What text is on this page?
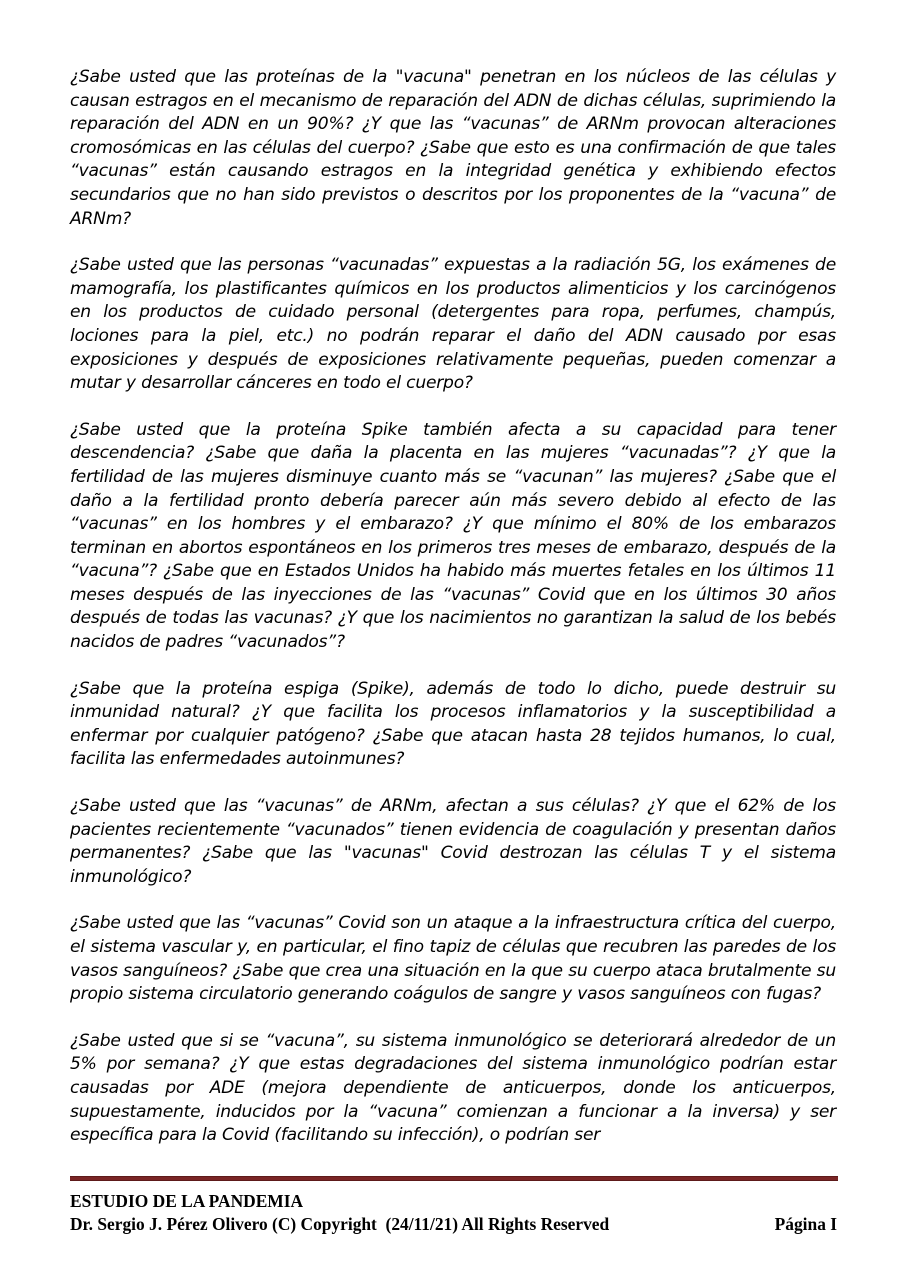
¿Sabe usted que las proteínas de la "vacuna" penetran en los núcleos de las células y causan estragos en el mecanismo de reparación del ADN de dichas células, suprimiendo la reparación del ADN en un 90%? ¿Y que las “vacunas” de ARNm provocan alteraciones cromosómicas en las células del cuerpo? ¿Sabe que esto es una confirmación de que tales “vacunas” están causando estragos en la integridad genética y exhibiendo efectos secundarios que no han sido previstos o descritos por los proponentes de la “vacuna” de ARNm?

¿Sabe usted que las personas “vacunadas” expuestas a la radiación 5G, los exámenes de mamografía, los plastificantes químicos en los productos alimenticios y los carcinógenos en los productos de cuidado personal (detergentes para ropa, perfumes, champús, lociones para la piel, etc.) no podrán reparar el daño del ADN causado por esas exposiciones y después de exposiciones relativamente pequeñas, pueden comenzar a mutar y desarrollar cánceres en todo el cuerpo?

¿Sabe usted que la proteína Spike también afecta a su capacidad para tener descendencia? ¿Sabe que daña la placenta en las mujeres “vacunadas”? ¿Y que la fertilidad de las mujeres disminuye cuanto más se “vacunan” las mujeres? ¿Sabe que el daño a la fertilidad pronto debería parecer aún más severo debido al efecto de las “vacunas” en los hombres y el embarazo? ¿Y que mínimo el 80% de los embarazos terminan en abortos espontáneos en los primeros tres meses de embarazo, después de la “vacuna”? ¿Sabe que en Estados Unidos ha habido más muertes fetales en los últimos 11 meses después de las inyecciones de las “vacunas” Covid que en los últimos 30 años después de todas las vacunas? ¿Y que los nacimientos no garantizan la salud de los bebés nacidos de padres “vacunados”?

¿Sabe que la proteína espiga (Spike), además de todo lo dicho, puede destruir su inmunidad natural? ¿Y que facilita los procesos inflamatorios y la susceptibilidad a enfermar por cualquier patógeno? ¿Sabe que atacan hasta 28 tejidos humanos, lo cual, facilita las enfermedades autoinmunes?

¿Sabe usted que las “vacunas” de ARNm, afectan a sus células? ¿Y que el 62% de los pacientes recientemente “vacunados” tienen evidencia de coagulación y presentan daños permanentes? ¿Sabe que las "vacunas" Covid destrozan las células T y el sistema inmunológico?

¿Sabe usted que las “vacunas” Covid son un ataque a la infraestructura crítica del cuerpo, el sistema vascular y, en particular, el fino tapiz de células que recubren las paredes de los vasos sanguíneos? ¿Sabe que crea una situación en la que su cuerpo ataca brutalmente su propio sistema circulatorio generando coágulos de sangre y vasos sanguíneos con fugas?

¿Sabe usted que si se “vacuna”, su sistema inmunológico se deteriorará alrededor de un 5% por semana? ¿Y que estas degradaciones del sistema inmunológico podrían estar causadas por ADE (mejora dependiente de anticuerpos, donde los anticuerpos, supuestamente, inducidos por la “vacuna” comienzan a funcionar a la inversa) y ser específica para la Covid (facilitando su infección), o podrían ser

ESTUDIO DE LA PANDEMIA
Dr. Sergio J. Pérez Olivero (C) Copyright  (24/11/21) All Rights Reserved	Página I
